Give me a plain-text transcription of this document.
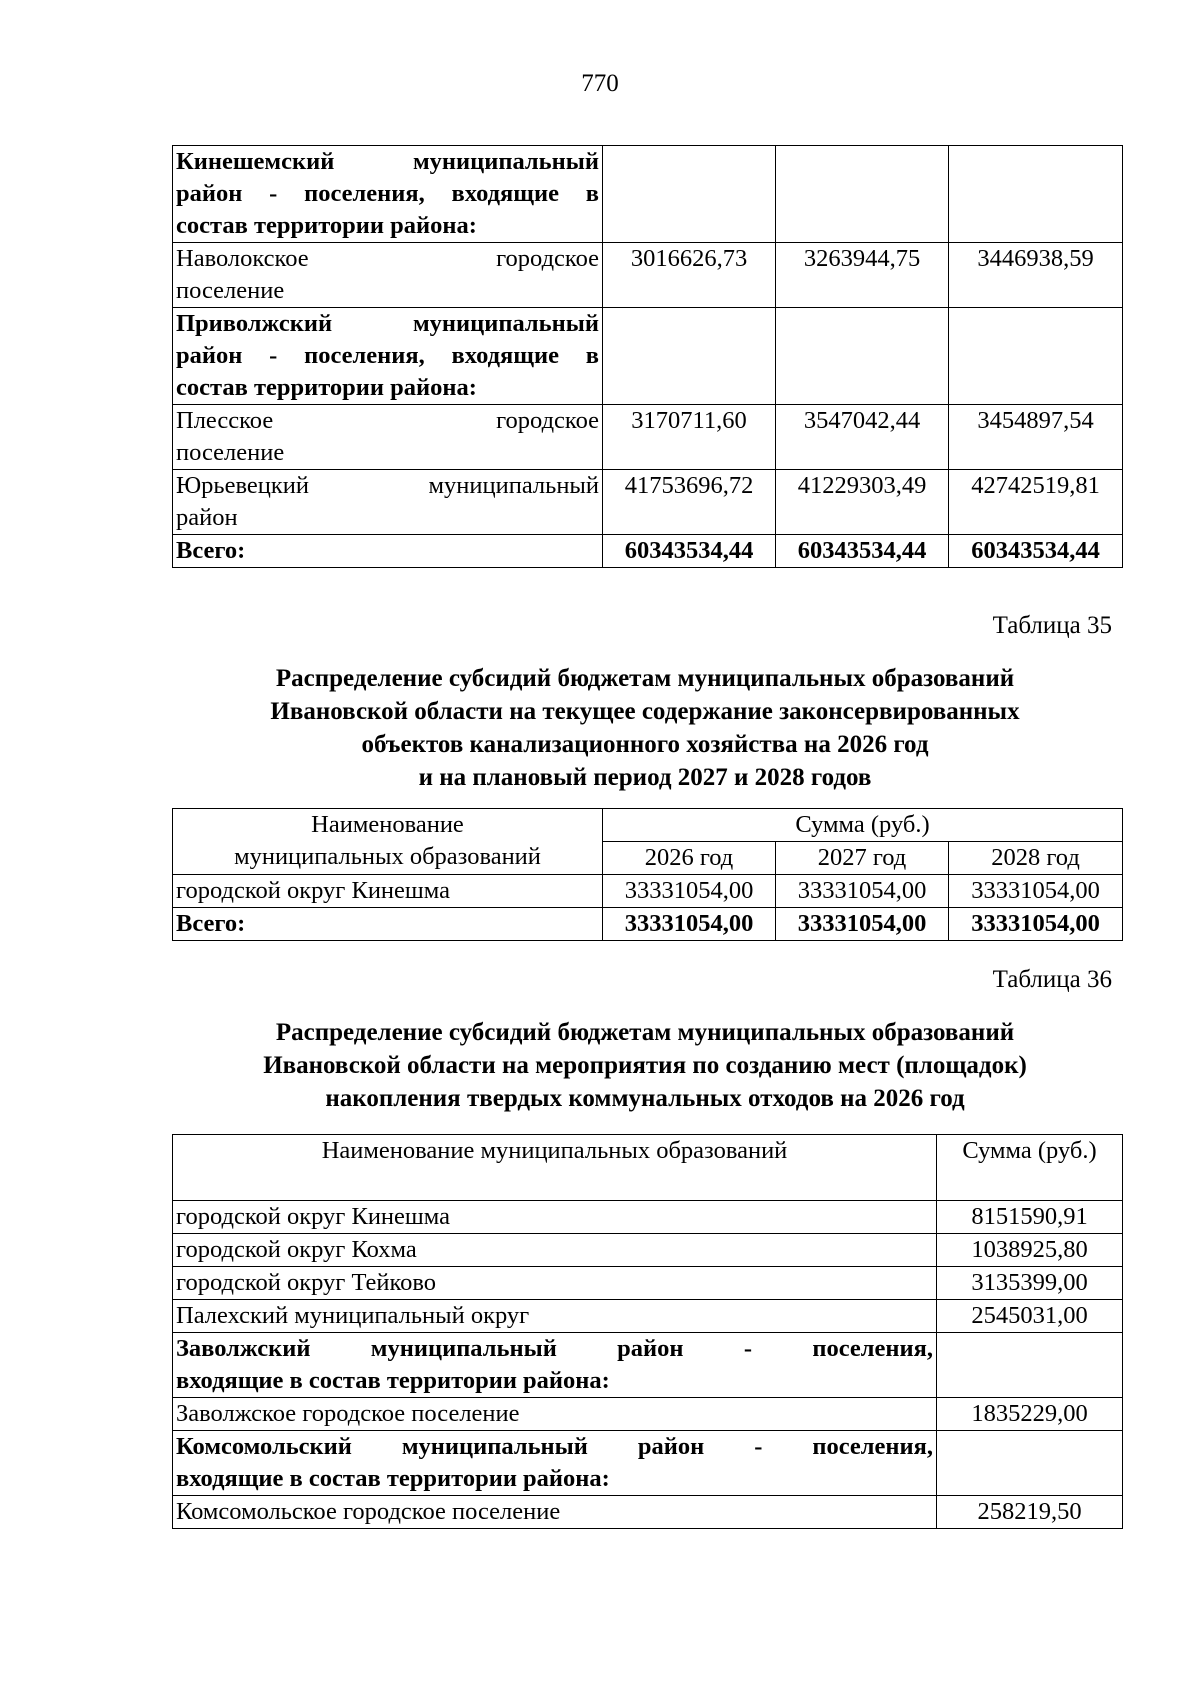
770
Кинешемский муниципальный
район - поселения, входящие в
состав территории района:			

Наволокское городское
поселение	3016626,73	3263944,75	3446938,59

Приволжский муниципальный
район - поселения, входящие в
состав территории района:			

Плесское городское
поселение	3170711,60	3547042,44	3454897,54

Юрьевецкий муниципальный
район	41753696,72	41229303,49	42742519,81
Всего:	60343534,44	60343534,44	60343534,44
Таблица 35
Распределение субсидий бюджетам муниципальных образований
Ивановской области на текущее содержание законсервированных
объектов канализационного хозяйства на 2026 год
и на плановый период 2027 и 2028 годов
Наименование
муниципальных образований	Сумма (руб.)		
	2026 год	2027 год	2028 год
городской округ Кинешма	33331054,00	33331054,00	33331054,00
Всего:	33331054,00	33331054,00	33331054,00
Таблица 36
Распределение субсидий бюджетам муниципальных образований
Ивановской области на мероприятия по созданию мест (площадок)
накопления твердых коммунальных отходов на 2026 год
Наименование муниципальных образований	Сумма (руб.)
городской округ Кинешма	8151590,91
городской округ Кохма	1038925,80
городской округ Тейково	3135399,00
Палехский муниципальный округ	2545031,00

Заволжский муниципальный район - поселения,
входящие в состав территории района:	

Заволжское городское поселение	1835229,00

Комсомольский муниципальный район - поселения,
входящие в состав территории района:	

Комсомольское городское поселение	258219,50
